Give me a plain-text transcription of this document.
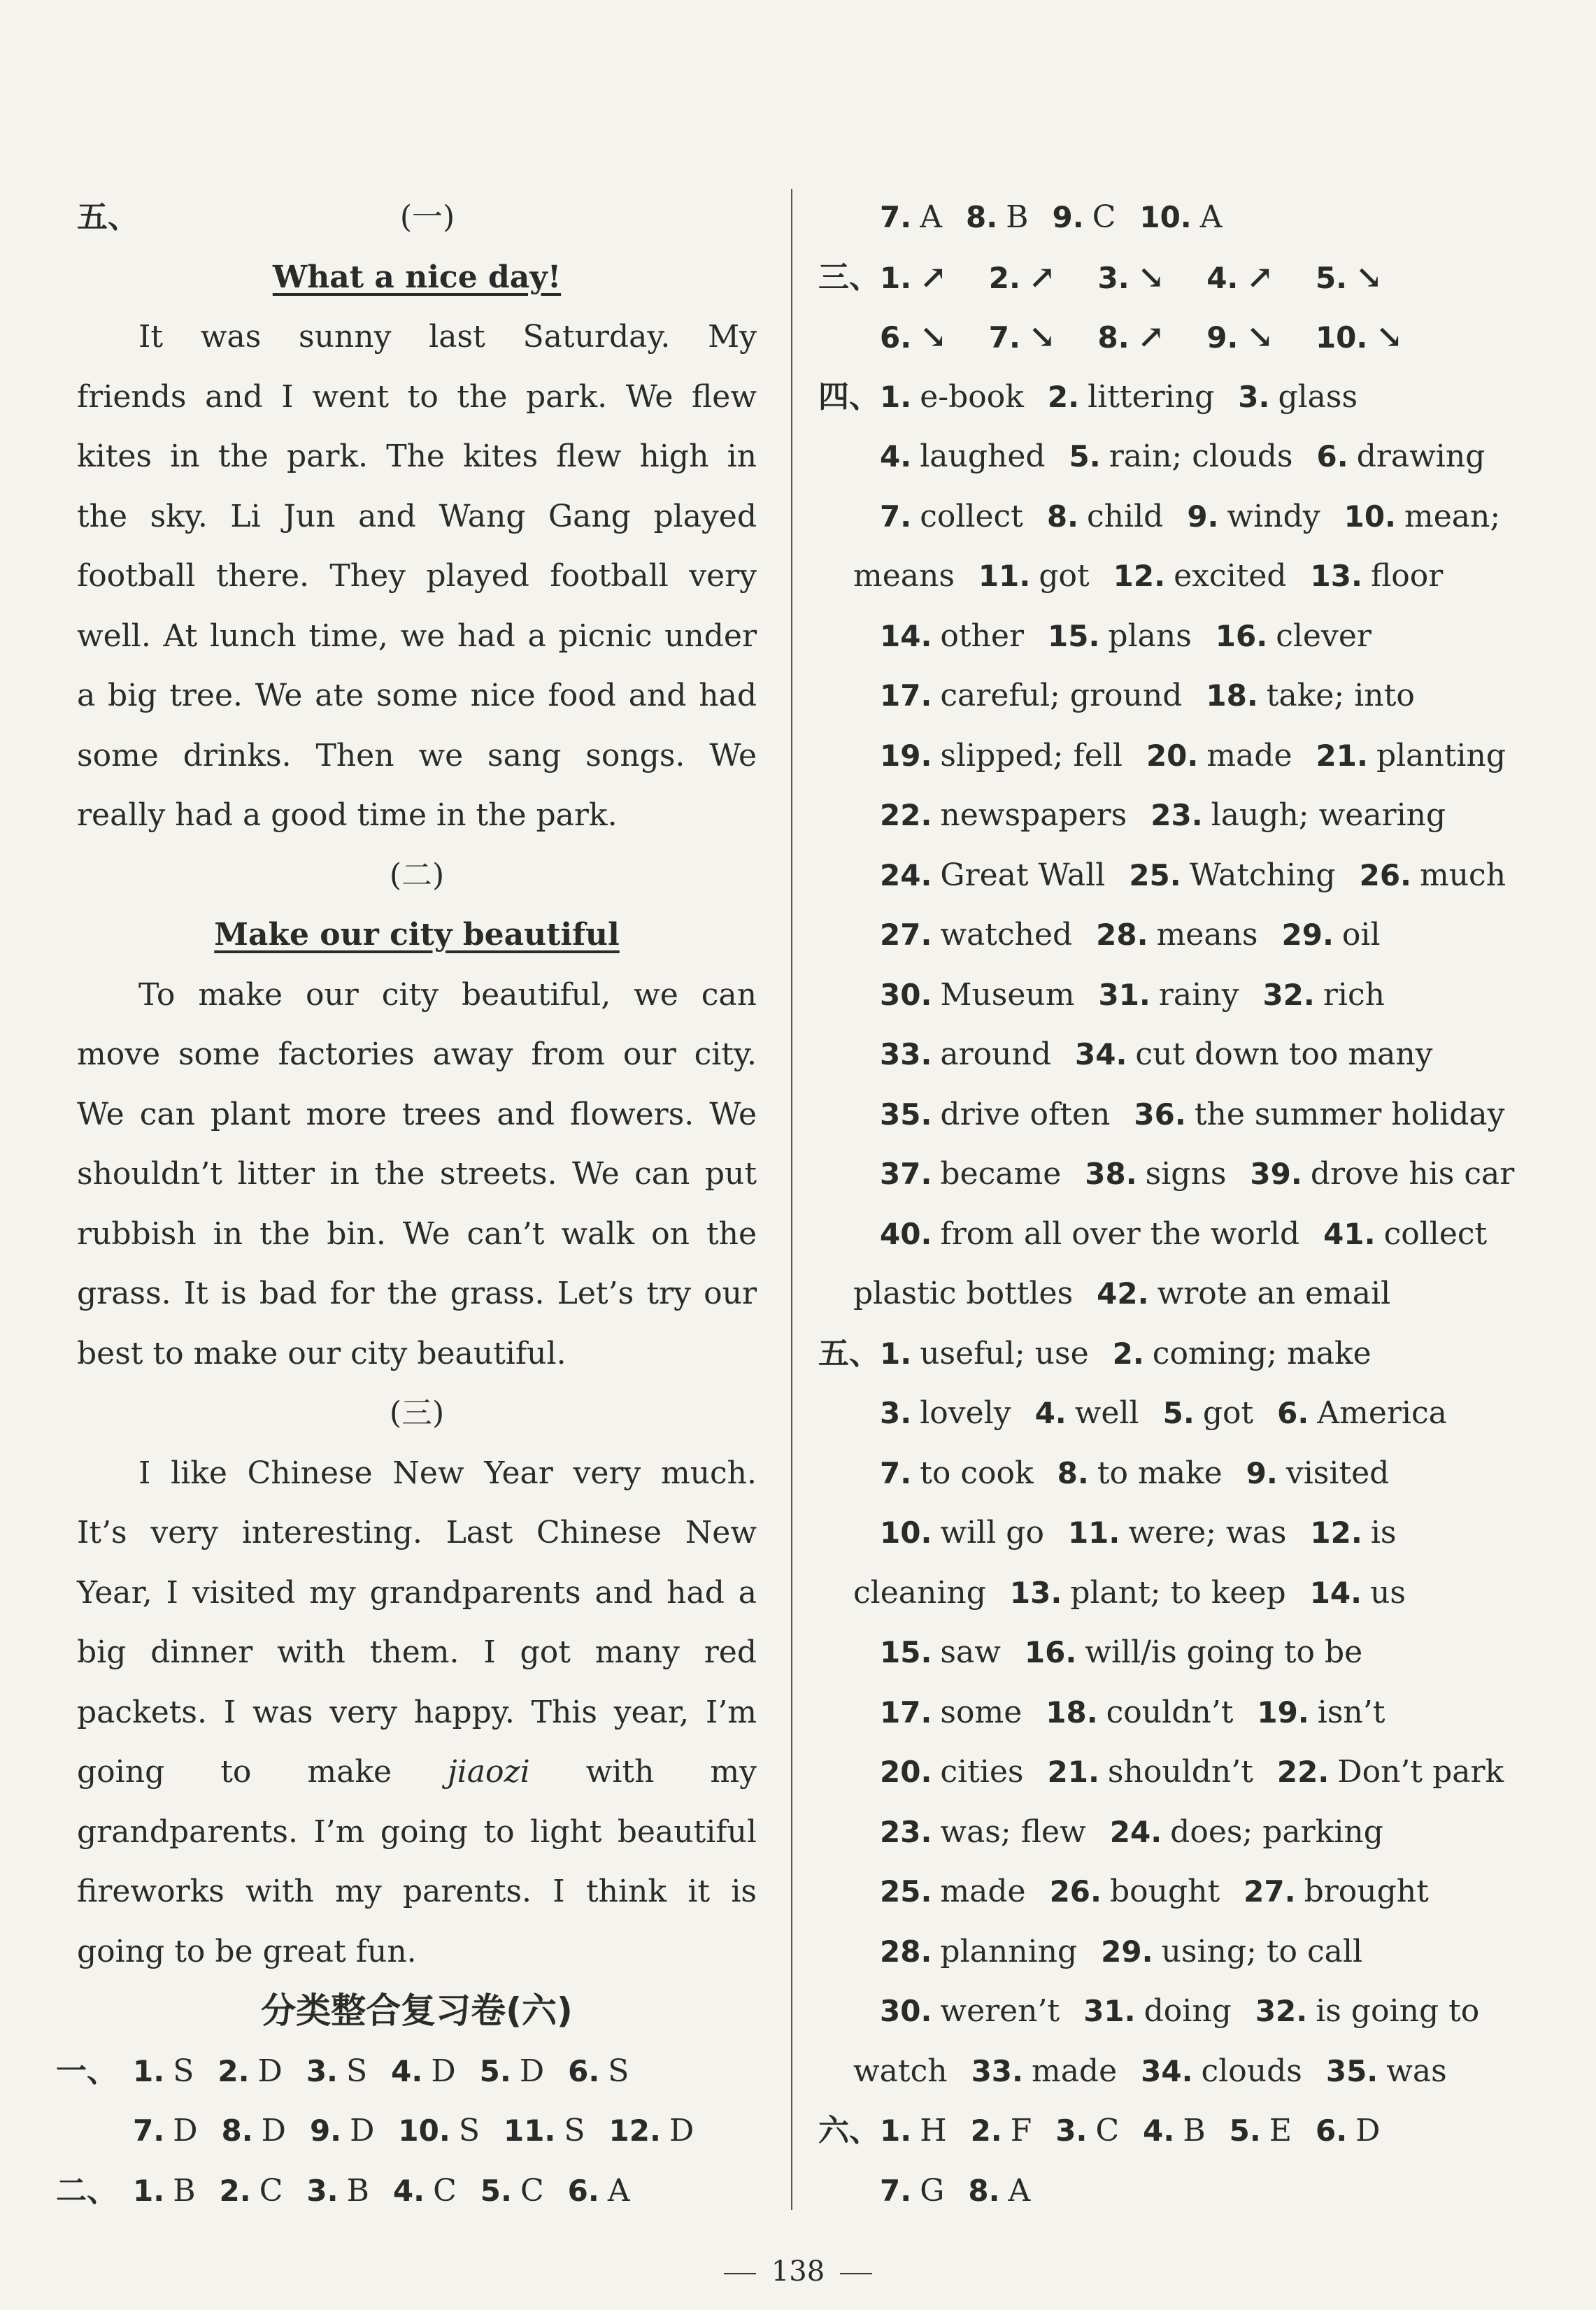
五、	(一)
What a nice day!
It was sunny last Saturday. My
friends and I went to the park. We flew
kites in the park. The kites flew high in
the sky. Li Jun and Wang Gang played
football there. They played football very
well. At lunch time, we had a picnic under
a big tree. We ate some nice food and had
some drinks. Then we sang songs. We
really had a good time in the park.
(二)
Make our city beautiful
To make our city beautiful, we can
move some factories away from our city.
We can plant more trees and flowers. We
shouldn’t litter in the streets. We can put
rubbish in the bin. We can’t walk on the
grass. It is bad for the grass. Let’s try our
best to make our city beautiful.
(三)
I like Chinese New Year very much.
It’s very interesting. Last Chinese New
Year, I visited my grandparents and had a
big dinner with them. I got many red
packets. I was very happy. This year, I’m
going to make jiaozi with my
grandparents. I’m going to light beautiful
fireworks with my parents. I think it is
going to be great fun.
分类整合复习卷(六)
一、 1. S 2. D 3. S 4. D 5. D 6. S
7. D 8. D 9. D 10. S 11. S 12. D
二、 1. B 2. C 3. B 4. C 5. C 6. A
7. A 8. B 9. C 10. A
三、 1. ↗	2. ↗	3. ↘	4. ↗	5. ↘
6. ↘	7. ↘	8. ↗	9. ↘	10. ↘
四、 1. e-book 2. littering 3. glass
4. laughed 5. rain; clouds 6. drawing
7. collect 8. child 9. windy 10. mean;
means 11. got 12. excited 13. floor
14. other 15. plans 16. clever
17. careful; ground 18. take; into
19. slipped; fell 20. made 21. planting
22. newspapers 23. laugh; wearing
24. Great Wall 25. Watching 26. much
27. watched 28. means 29. oil
30. Museum 31. rainy 32. rich
33. around 34. cut down too many
35. drive often 36. the summer holiday
37. became 38. signs 39. drove his car
40. from all over the world 41. collect
plastic bottles 42. wrote an email
五、 1. useful; use 2. coming; make
3. lovely 4. well 5. got 6. America
7. to cook 8. to make 9. visited
10. will go 11. were; was 12. is
cleaning 13. plant; to keep 14. us
15. saw 16. will/is going to be
17. some 18. couldn’t 19. isn’t
20. cities 21. shouldn’t 22. Don’t park
23. was; flew 24. does; parking
25. made 26. bought 27. brought
28. planning 29. using; to call
30. weren’t 31. doing 32. is going to
watch 33. made 34. clouds 35. was
六、 1. H 2. F 3. C 4. B 5. E 6. D
7. G 8. A
138
